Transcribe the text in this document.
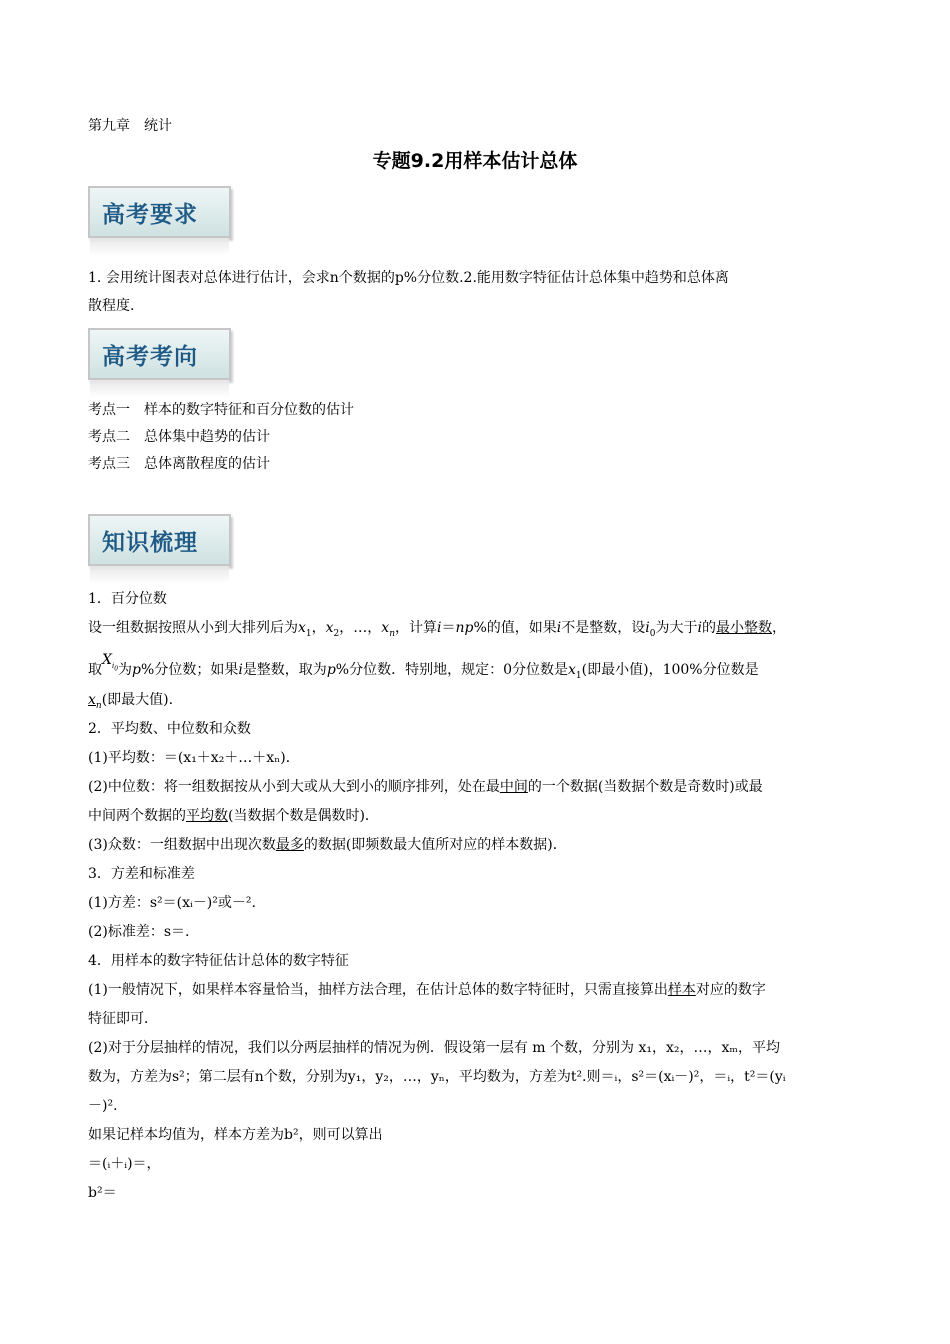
第九章　统计
专题9.2用样本估计总体
高考要求
1. 会用统计图表对总体进行估计，会求n个数据的p%分位数.2.能用数字特征估计总体集中趋势和总体离
散程度.
高考考向
考点一　样本的数字特征和百分位数的估计
考点二　总体集中趋势的估计
考点三　总体离散程度的估计
知识梳理
1．百分位数
设一组数据按照从小到大排列后为$x_1$，$x_2$，…，$x_n$，计算i＝np%的值，如果i不是整数，设$i_0$为大于i的最小整数，
取$X_{i_0}$为p%分位数；如果i是整数，取为p%分位数．特别地，规定：0分位数是$x_1$(即最小值)，100%分位数是
$x_n$(即最大值).
2．平均数、中位数和众数
(1)平均数：＝(x₁＋x₂＋…＋xₙ)．
(2)中位数：将一组数据按从小到大或从大到小的顺序排列，处在最中间的一个数据(当数据个数是奇数时)或最
中间两个数据的平均数(当数据个数是偶数时)．
(3)众数：一组数据中出现次数最多的数据(即频数最大值所对应的样本数据)．
3．方差和标准差
(1)方差：s²＝(xᵢ－)²或－².
(2)标准差：s＝.
4．用样本的数字特征估计总体的数字特征
(1)一般情况下，如果样本容量恰当，抽样方法合理，在估计总体的数字特征时，只需直接算出样本对应的数字
特征即可．
(2)对于分层抽样的情况，我们以分两层抽样的情况为例．假设第一层有 m 个数，分别为 x₁，x₂，…，xₘ，平均
数为，方差为s²；第二层有n个数，分别为y₁，y₂，…，yₙ，平均数为，方差为t².则＝ᵢ，s²＝(xᵢ－)²，＝ᵢ，t²＝(yᵢ
－)².
如果记样本均值为，样本方差为b²，则可以算出
＝(ᵢ＋ᵢ)＝，
b²＝
